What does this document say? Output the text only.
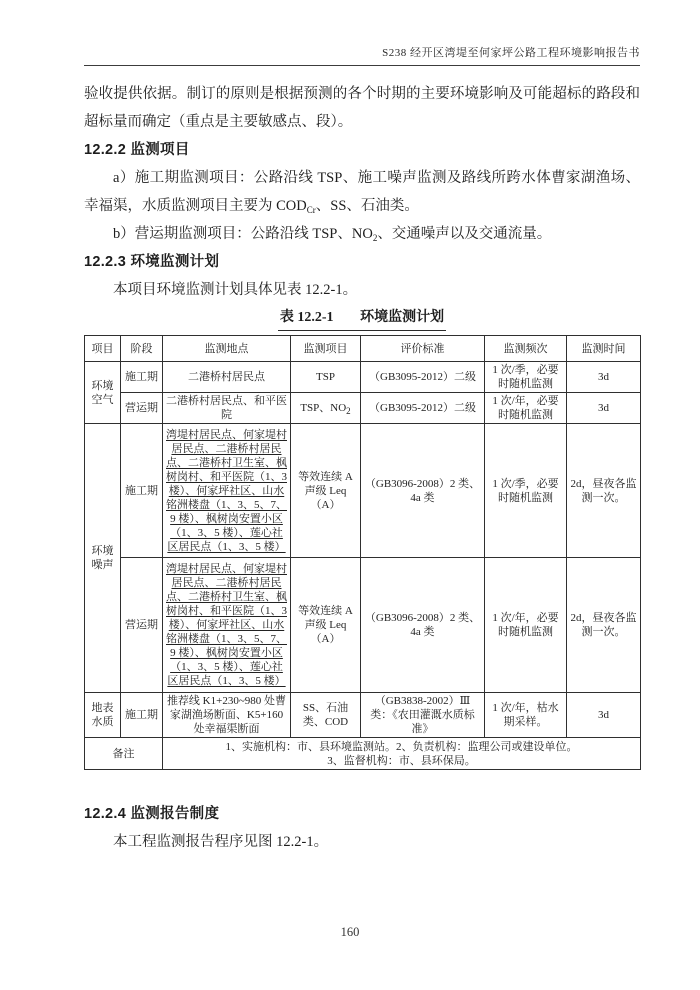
S238 经开区湾堤至何家坪公路工程环境影响报告书

验收提供依据。制订的原则是根据预测的各个时期的主要环境影响及可能超标的路段和超标量而确定（重点是主要敏感点、段）。

12.2.2 监测项目

a）施工期监测项目：公路沿线 TSP、施工噪声监测及路线所跨水体曹家湖渔场、幸福渠，水质监测项目主要为 $COD_{Cr}$、SS、石油类。

b）营运期监测项目：公路沿线 TSP、$NO_2$、交通噪声以及交通流量。

12.2.3 环境监测计划

本项目环境监测计划具体见表 12.2-1。

表 12.2-1 环境监测计划
项目	阶段	监测地点	监测项目	评价标准	监测频次	监测时间
环境空气	施工期	二港桥村居民点	TSP	（GB3095-2012）二级	1 次/季，必要时随机监测	3d
	营运期	二港桥村居民点、和平医院	TSP、$NO_2$	（GB3095-2012）二级	1 次/年，必要时随机监测	3d
环境噪声	施工期	湾堤村居民点、何家堤村居民点、二港桥村居民点、二港桥村卫生室、枫树岗村、和平医院（1、3 楼）、何家坪社区、山水铭洲楼盘（1、3、5、7、9 楼）、枫树岗安置小区（1、3、5 楼）、莲心社区居民点（1、3、5 楼）	等效连续 A 声级 Leq（A）	（GB3096-2008）2 类、4a 类	1 次/季，必要时随机监测	2d，昼夜各监测一次。
	营运期	湾堤村居民点、何家堤村居民点、二港桥村居民点、二港桥村卫生室、枫树岗村、和平医院（1、3 楼）、何家坪社区、山水铭洲楼盘（1、3、5、7、9 楼）、枫树岗安置小区（1、3、5 楼）、莲心社区居民点（1、3、5 楼）	等效连续 A 声级 Leq（A）	（GB3096-2008）2 类、4a 类	1 次/年，必要时随机监测	2d，昼夜各监测一次。
地表水质	施工期	推荐线 K1+230~980 处曹家湖渔场断面、K5+160 处幸福渠断面	SS、石油类、COD	（GB3838-2002）Ⅲ类：《农田灌溉水质标准》	1 次/年，枯水期采样。	3d
备注		1、实施机构：市、县环境监测站。2、负责机构：监理公司或建设单位。
3、监督机构：市、县环保局。				

12.2.4 监测报告制度

本工程监测报告程序见图 12.2-1。

160
